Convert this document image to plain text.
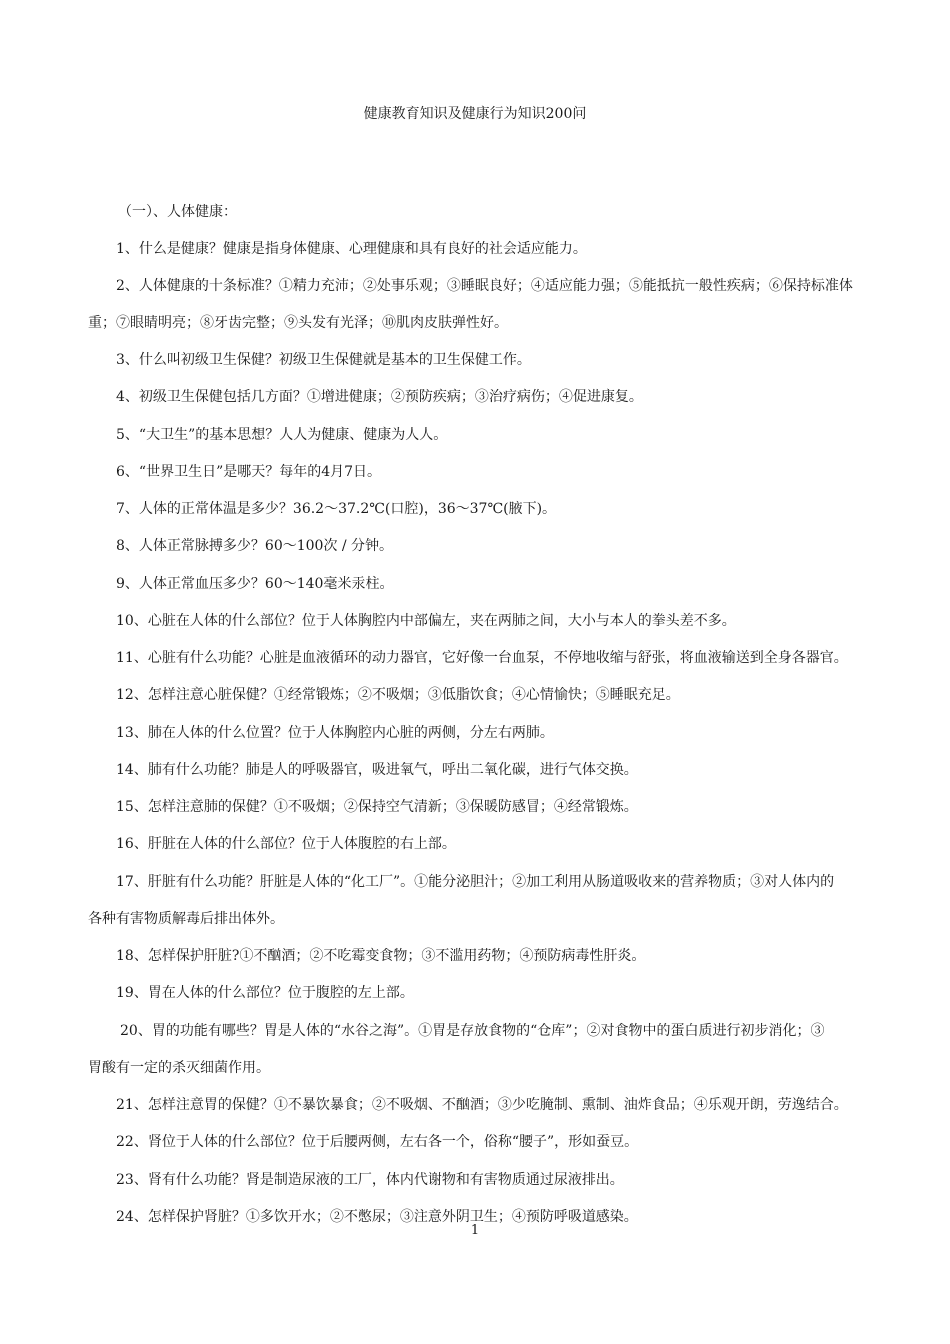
健康教育知识及健康行为知识200问
（一）、人体健康：
1、什么是健康？健康是指身体健康、心理健康和具有良好的社会适应能力。
2、人体健康的十条标准？①精力充沛；②处事乐观；③睡眠良好；④适应能力强；⑤能抵抗一般性疾病；⑥保持标准体
重；⑦眼睛明亮；⑧牙齿完整；⑨头发有光泽；⑩肌肉皮肤弹性好。
3、什么叫初级卫生保健？初级卫生保健就是基本的卫生保健工作。
4、初级卫生保健包括几方面？①增进健康；②预防疾病；③治疗病伤；④促进康复。
5、“大卫生”的基本思想？人人为健康、健康为人人。
6、“世界卫生日”是哪天？每年的4月7日。
7、人体的正常体温是多少？36.2～37.2℃(口腔)，36～37℃(腋下)。
8、人体正常脉搏多少？60～100次 / 分钟。
9、人体正常血压多少？60～140毫米汞柱。
10、心脏在人体的什么部位？位于人体胸腔内中部偏左，夹在两肺之间，大小与本人的拳头差不多。
11、心脏有什么功能？心脏是血液循环的动力器官，它好像一台血泵，不停地收缩与舒张，将血液输送到全身各器官。
12、怎样注意心脏保健？①经常锻炼；②不吸烟；③低脂饮食；④心情愉快；⑤睡眠充足。
13、肺在人体的什么位置？位于人体胸腔内心脏的两侧，分左右两肺。
14、肺有什么功能？肺是人的呼吸器官，吸进氧气，呼出二氧化碳，进行气体交换。
15、怎样注意肺的保健？①不吸烟；②保持空气清新；③保暖防感冒；④经常锻炼。
16、肝脏在人体的什么部位？位于人体腹腔的右上部。
17、肝脏有什么功能？肝脏是人体的“化工厂”。①能分泌胆汁；②加工利用从肠道吸收来的营养物质；③对人体内的
各种有害物质解毒后排出体外。
18、怎样保护肝脏?①不酗酒；②不吃霉变食物；③不滥用药物；④预防病毒性肝炎。
19、胃在人体的什么部位？位于腹腔的左上部。
20、胃的功能有哪些？胃是人体的“水谷之海”。①胃是存放食物的“仓库”；②对食物中的蛋白质进行初步消化；③
胃酸有一定的杀灭细菌作用。
21、怎样注意胃的保健？①不暴饮暴食；②不吸烟、不酗酒；③少吃腌制、熏制、油炸食品；④乐观开朗，劳逸结合。
22、肾位于人体的什么部位？位于后腰两侧，左右各一个，俗称“腰子”，形如蚕豆。
23、肾有什么功能？肾是制造尿液的工厂，体内代谢物和有害物质通过尿液排出。
24、怎样保护肾脏？①多饮开水；②不憋尿；③注意外阴卫生；④预防呼吸道感染。
1
